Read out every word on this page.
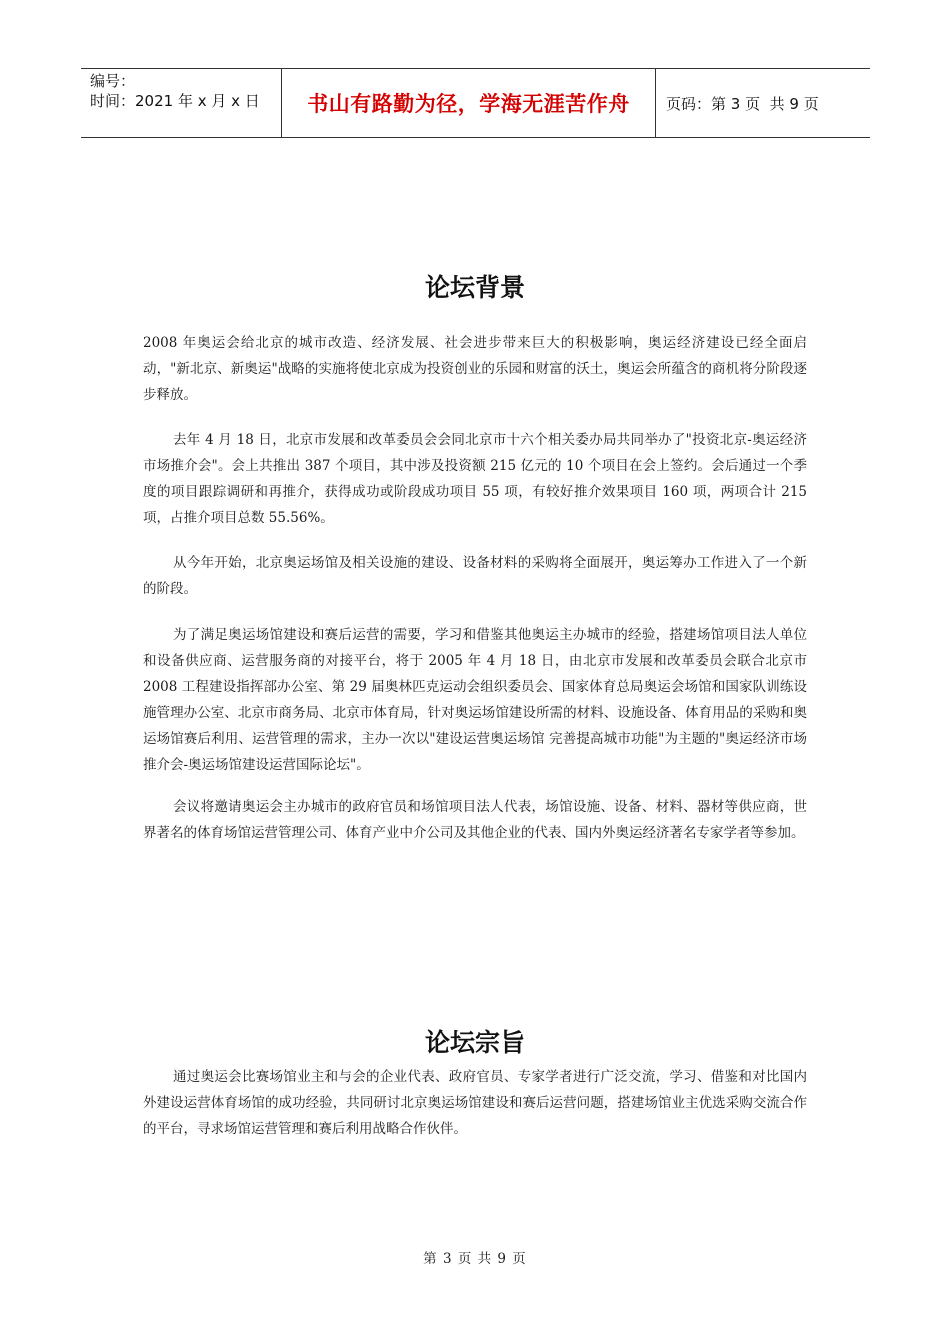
编号：
时间：2021 年 x 月 x 日	书山有路勤为径，学海无涯苦作舟	页码：第 3 页  共 9 页
论坛背景

2008 年奥运会给北京的城市改造、经济发展、社会进步带来巨大的积极影响，奥运经济建设已经全面启动，"新北京、新奥运"战略的实施将使北京成为投资创业的乐园和财富的沃土，奥运会所蕴含的商机将分阶段逐步释放。

去年 4 月 18 日，北京市发展和改革委员会会同北京市十六个相关委办局共同举办了"投资北京-奥运经济市场推介会"。会上共推出 387 个项目，其中涉及投资额 215 亿元的 10 个项目在会上签约。会后通过一个季度的项目跟踪调研和再推介，获得成功或阶段成功项目 55 项，有较好推介效果项目 160 项，两项合计 215 项，占推介项目总数 55.56%。

从今年开始，北京奥运场馆及相关设施的建设、设备材料的采购将全面展开，奥运筹办工作进入了一个新的阶段。

为了满足奥运场馆建设和赛后运营的需要，学习和借鉴其他奥运主办城市的经验，搭建场馆项目法人单位和设备供应商、运营服务商的对接平台，将于 2005 年 4 月 18 日，由北京市发展和改革委员会联合北京市 2008 工程建设指挥部办公室、第 29 届奥林匹克运动会组织委员会、国家体育总局奥运会场馆和国家队训练设施管理办公室、北京市商务局、北京市体育局，针对奥运场馆建设所需的材料、设施设备、体育用品的采购和奥运场馆赛后利用、运营管理的需求，主办一次以"建设运营奥运场馆 完善提高城市功能"为主题的"奥运经济市场推介会-奥运场馆建设运营国际论坛"。

会议将邀请奥运会主办城市的政府官员和场馆项目法人代表，场馆设施、设备、材料、器材等供应商，世界著名的体育场馆运营管理公司、体育产业中介公司及其他企业的代表、国内外奥运经济著名专家学者等参加。

论坛宗旨

通过奥运会比赛场馆业主和与会的企业代表、政府官员、专家学者进行广泛交流，学习、借鉴和对比国内外建设运营体育场馆的成功经验，共同研讨北京奥运场馆建设和赛后运营问题，搭建场馆业主优选采购交流合作的平台，寻求场馆运营管理和赛后利用战略合作伙伴。

第 3 页 共 9 页
